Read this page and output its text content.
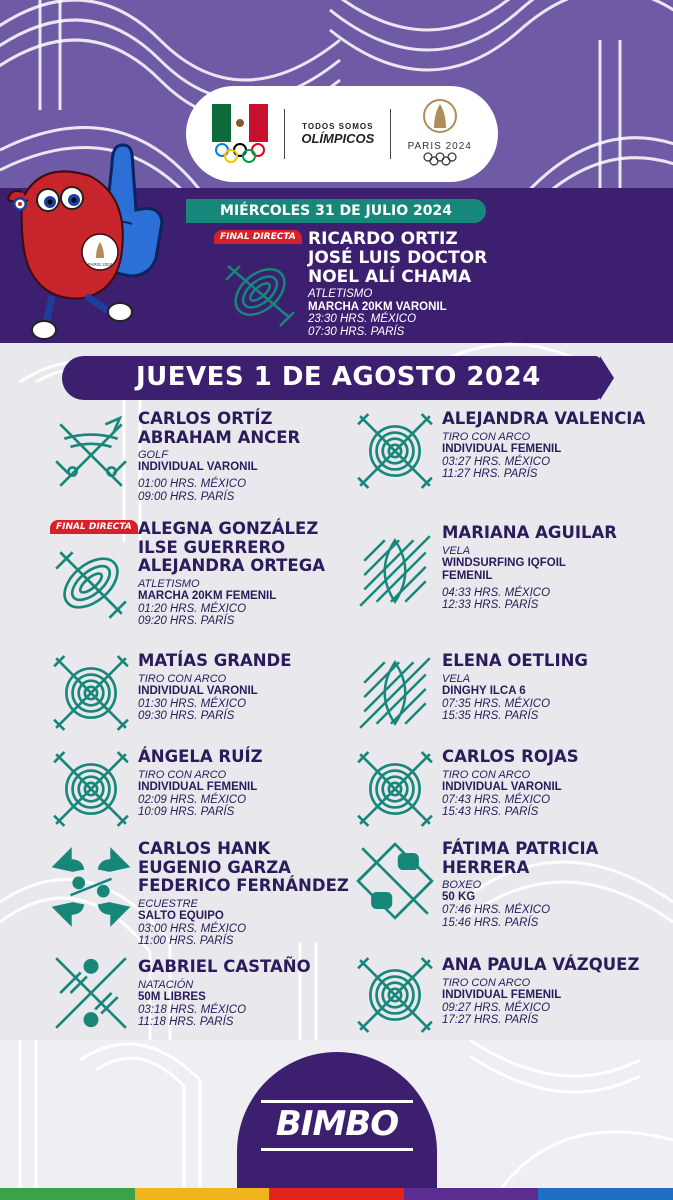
TODOS SOMOS
OLÍMPICOS	PARIS 2024
MIÉRCOLES 31 DE JULIO 2024
FINAL DIRECTA RICARDO ORTIZ
JOSÉ LUIS DOCTOR
NOEL ALÍ CHAMA
ATLETISMO
MARCHA 20KM VARONIL
23:30 HRS. MÉXICO
07:30 HRS. PARÍS
PARIS 2024
JUEVES 1 DE AGOSTO 2024
CARLOS ORTÍZ
ABRAHAM ANCER
GOLF
INDIVIDUAL VARONIL
01:00 HRS. MÉXICO
09:00 HRS. PARÍS
FINAL DIRECTA ALEGNA GONZÁLEZ
ILSE GUERRERO
ALEJANDRA ORTEGA
ATLETISMO
MARCHA 20KM FEMENIL
01:20 HRS. MÉXICO
09:20 HRS. PARÍS
MATÍAS GRANDE
TIRO CON ARCO
INDIVIDUAL VARONIL
01:30 HRS. MÉXICO
09:30 HRS. PARÍS
ÁNGELA RUÍZ
TIRO CON ARCO
INDIVIDUAL FEMENIL
02:09 HRS. MÉXICO
10:09 HRS. PARÍS
CARLOS HANK
EUGENIO GARZA
FEDERICO FERNÁNDEZ
ECUESTRE
SALTO EQUIPO
03:00 HRS. MÉXICO
11:00 HRS. PARÍS
GABRIEL CASTAÑO
NATACIÓN
50M LIBRES
03:18 HRS. MÉXICO
11:18 HRS. PARÍS
ALEJANDRA VALENCIA
TIRO CON ARCO
INDIVIDUAL FEMENIL
03:27 HRS. MÉXICO
11:27 HRS. PARÍS
MARIANA AGUILAR
VELA
WINDSURFING IQFOIL
FEMENIL
04:33 HRS. MÉXICO
12:33 HRS. PARÍS
ELENA OETLING
VELA
DINGHY ILCA 6
07:35 HRS. MÉXICO
15:35 HRS. PARÍS
CARLOS ROJAS
TIRO CON ARCO
INDIVIDUAL VARONIL
07:43 HRS. MÉXICO
15:43 HRS. PARÍS
FÁTIMA PATRICIA
HERRERA
BOXEO
50 KG
07:46 HRS. MÉXICO
15:46 HRS. PARÍS
ANA PAULA VÁZQUEZ
TIRO CON ARCO
INDIVIDUAL FEMENIL
09:27 HRS. MÉXICO
17:27 HRS. PARÍS
BIMBO
